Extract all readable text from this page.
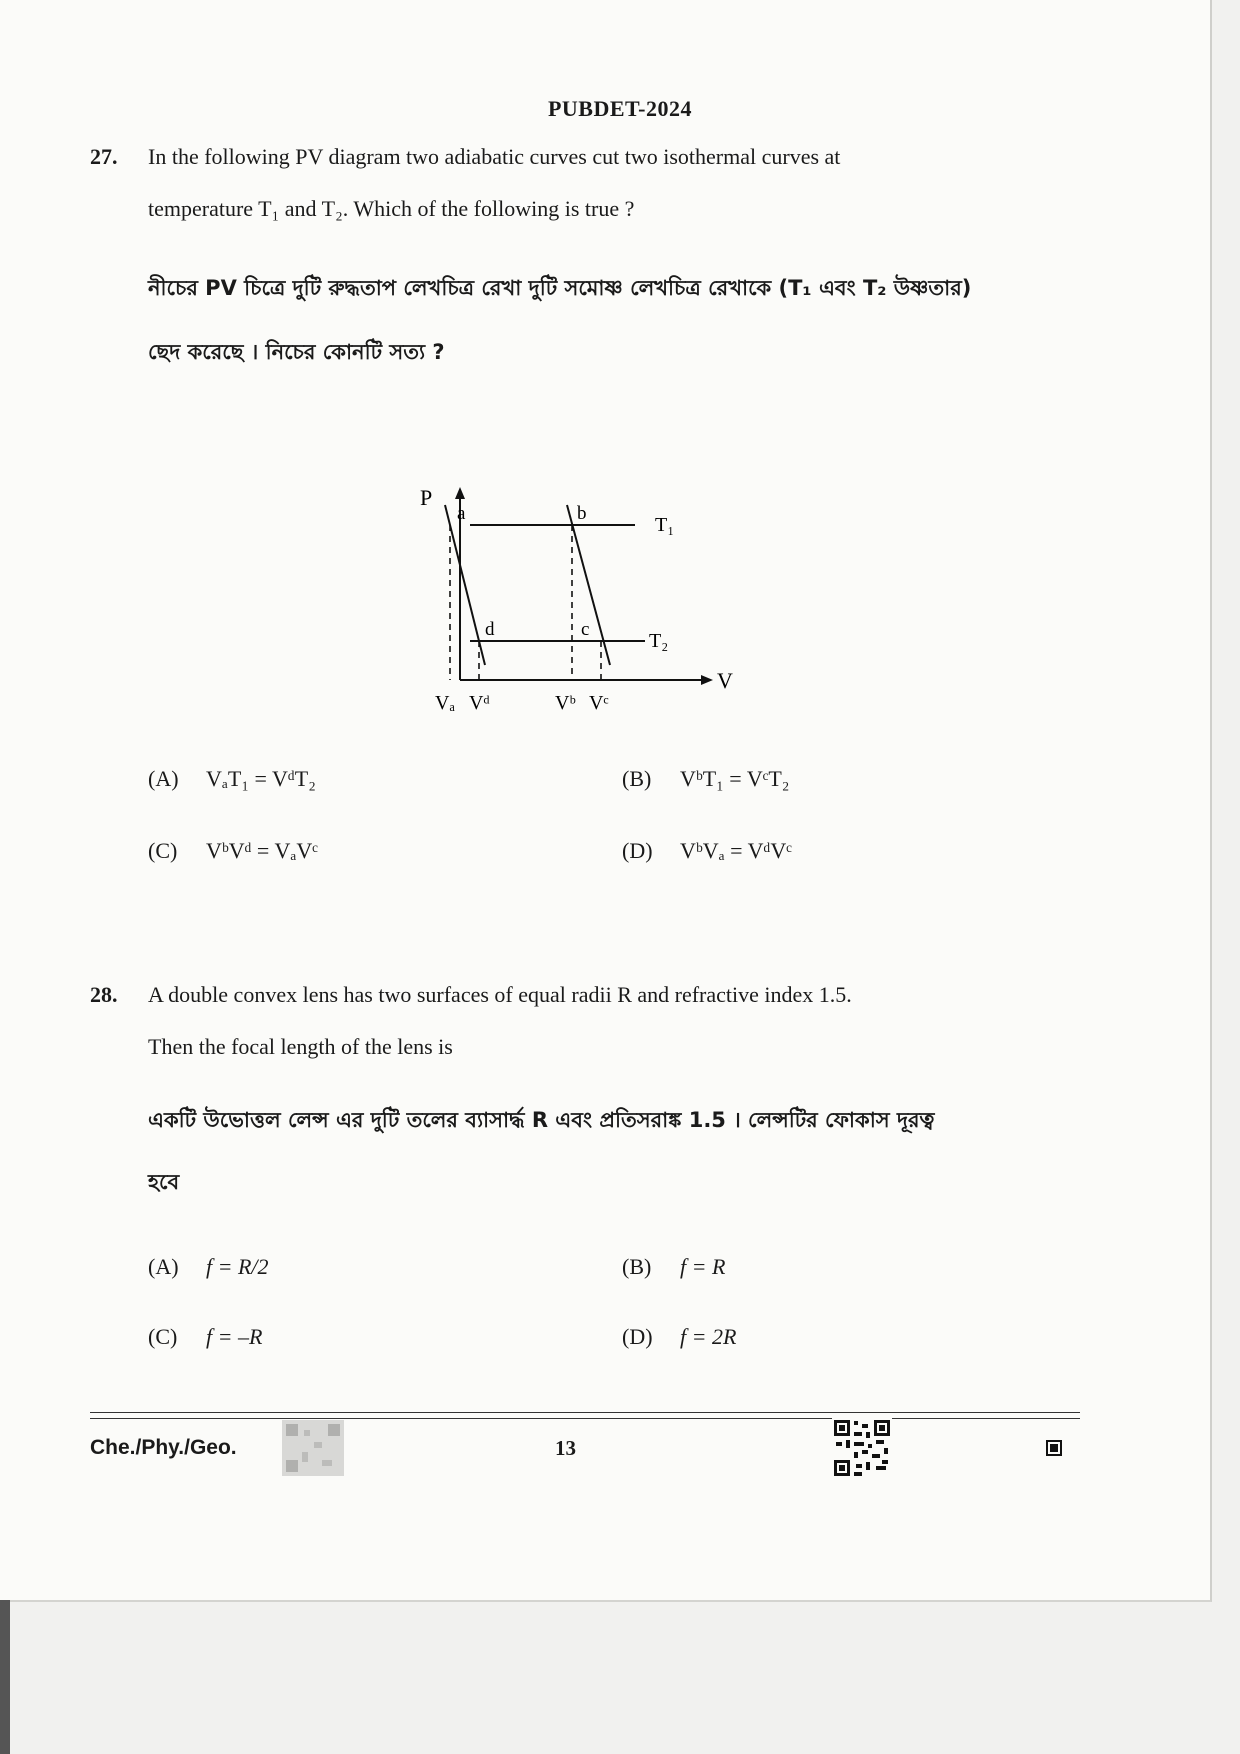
PUBDET-2024
27. In the following PV diagram two adiabatic curves cut two isothermal curves at
temperature T₁ and T₂. Which of the following is true ?
নীচের PV চিত্রে দুটি রুদ্ধতাপ লেখচিত্র রেখা দুটি সমোষ্ণ লেখচিত্র রেখাকে (T₁ এবং T₂ উষ্ণতার)
ছেদ করেছে । নিচের কোনটি সত্য ?
P
V
a	b
c
d
T₁
T₂
Vₐ Vᵈ	Vᵇ Vᶜ
(A) VₐT₁ = VᵈT₂	(B) VᵇT₁ = VᶜT₂
(C) VᵇVᵈ = VₐVᶜ	(D) VᵇVₐ = VᵈVᶜ
28. A double convex lens has two surfaces of equal radii R and refractive index 1.5.
Then the focal length of the lens is
একটি উভোত্তল লেন্স এর দুটি তলের ব্যাসার্দ্ধ R এবং প্রতিসরাঙ্ক 1.5 । লেন্সটির ফোকাস দূরত্ব
হবে
(A) f = R/2	(B) f = R
(C) f = –R	(D) f = 2R
Che./Phy./Geo.	13
